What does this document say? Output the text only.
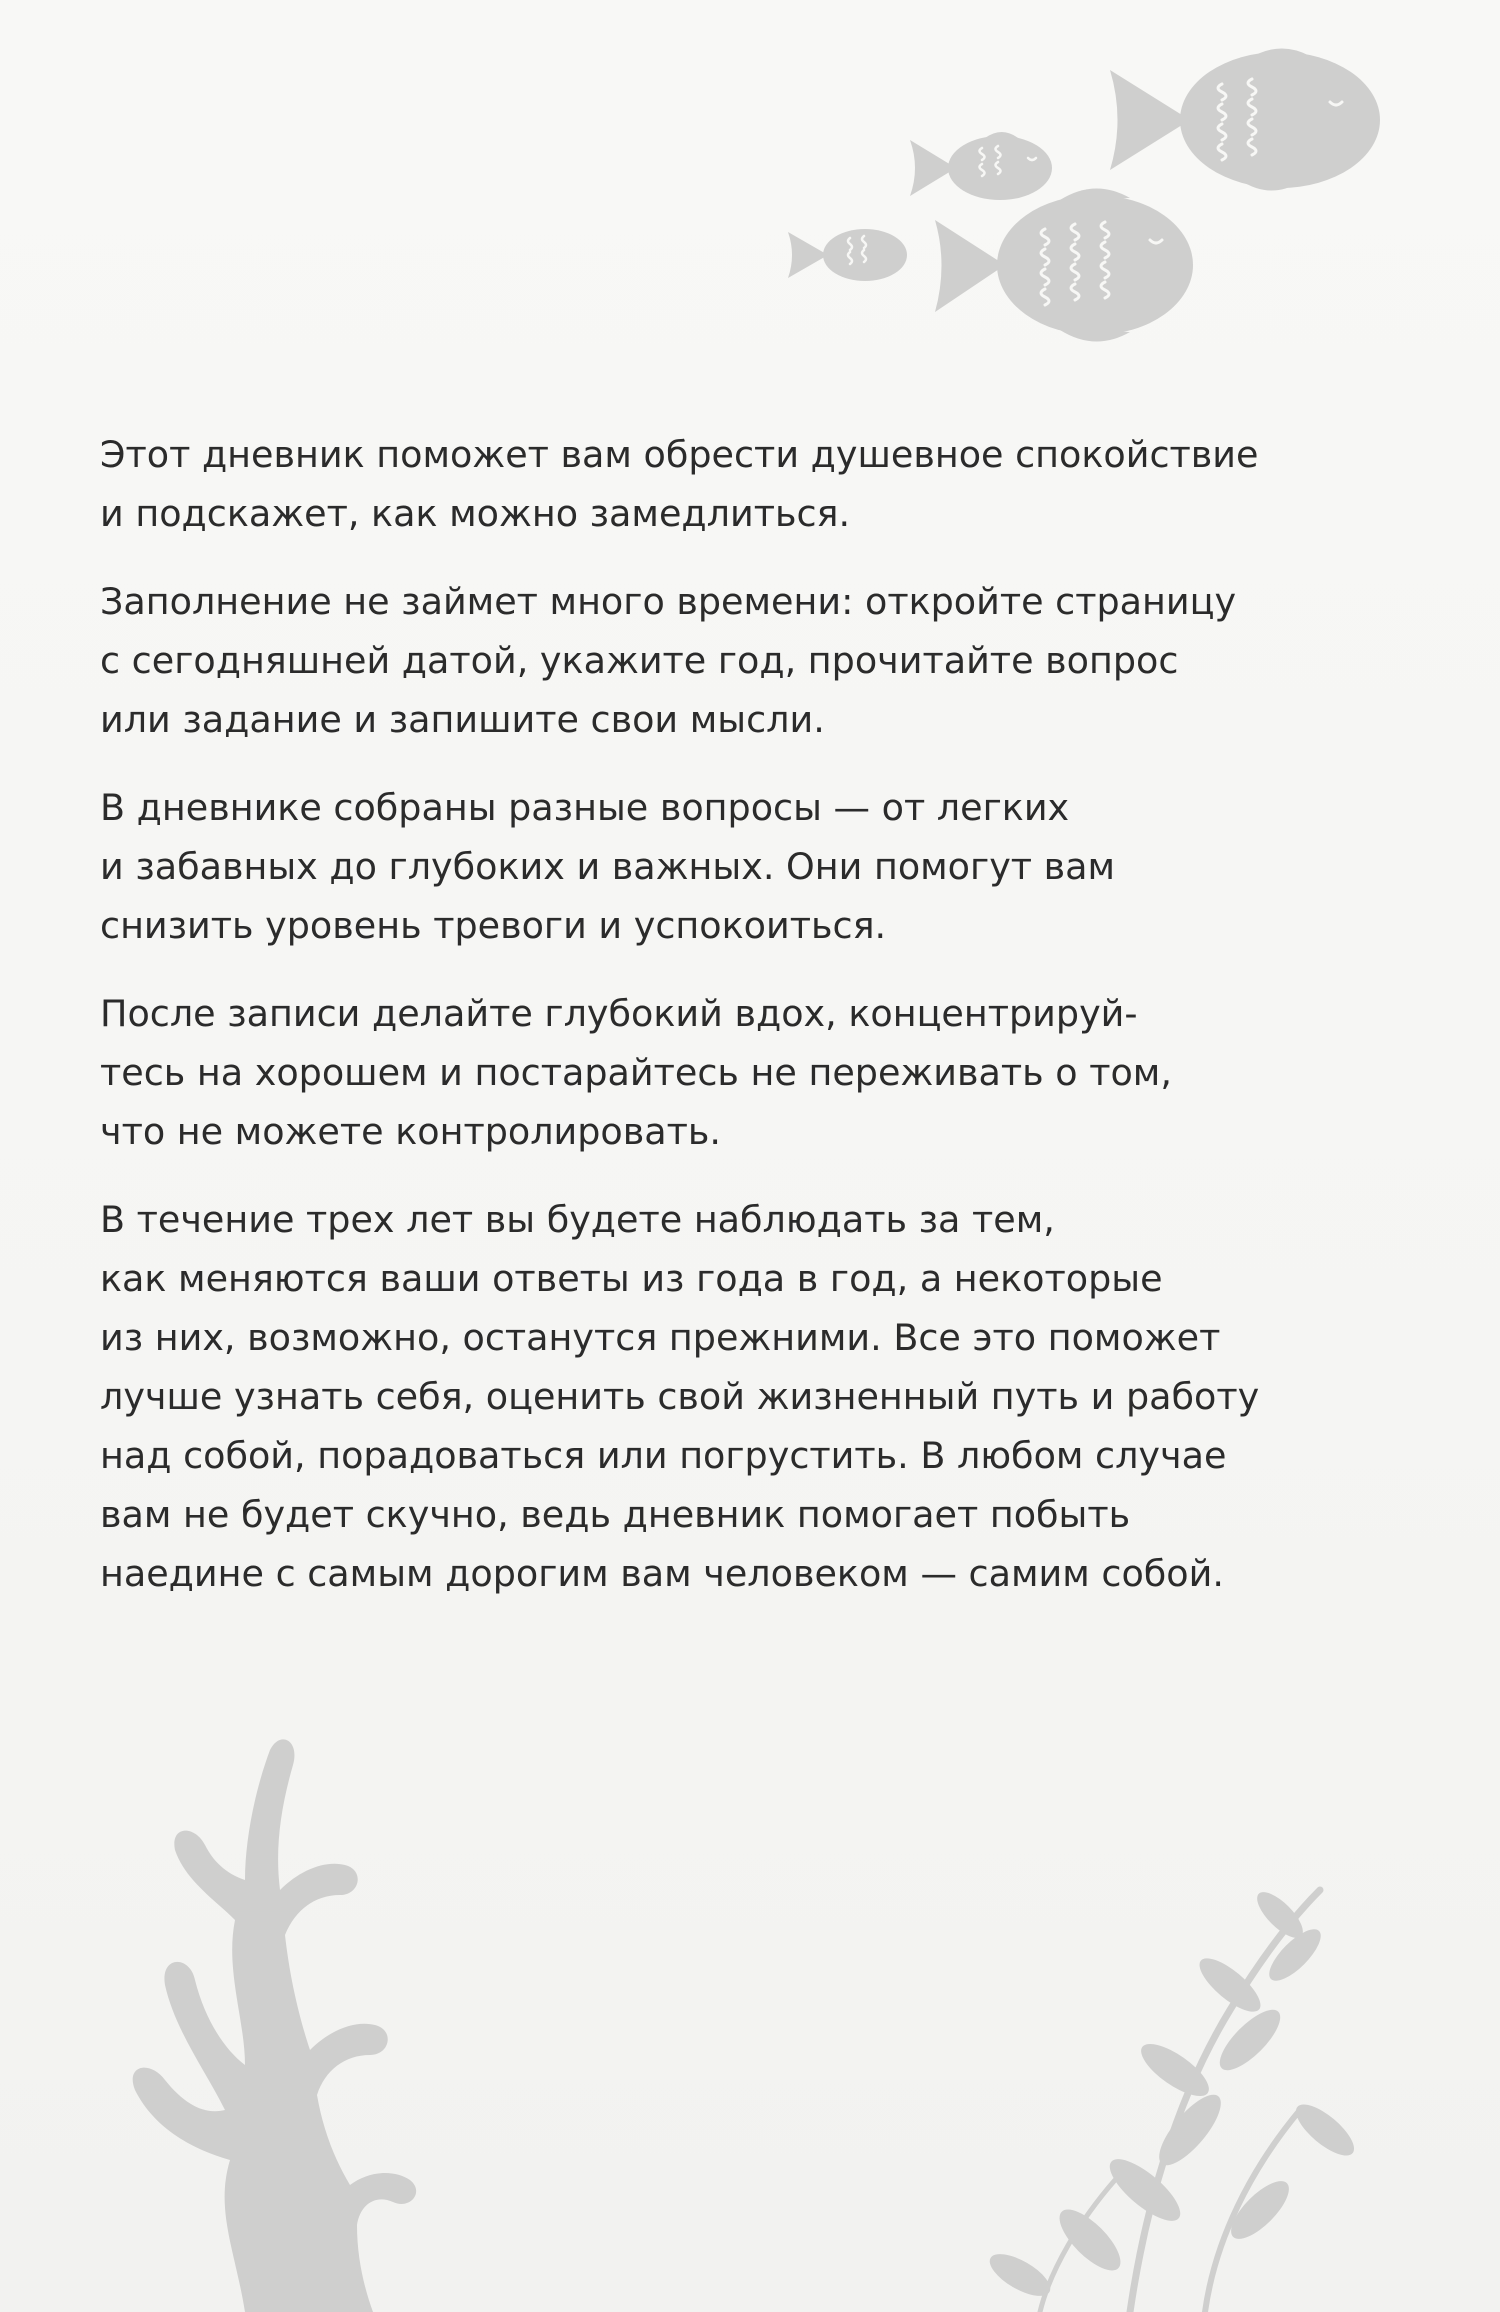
Этот дневник поможет вам обрести душевное спокойствие
и подскажет, как можно замедлиться.

Заполнение не займет много времени: откройте страницу
с сегодняшней датой, укажите год, прочитайте вопрос
или задание и запишите свои мысли.

В дневнике собраны разные вопросы — от легких
и забавных до глубоких и важных. Они помогут вам
снизить уровень тревоги и успокоиться.

После записи делайте глубокий вдох, концентрируй-
тесь на хорошем и постарайтесь не переживать о том,
что не можете контролировать.

В течение трех лет вы будете наблюдать за тем,
как меняются ваши ответы из года в год, а некоторые
из них, возможно, останутся прежними. Все это поможет
лучше узнать себя, оценить свой жизненный путь и работу
над собой, порадоваться или погрустить. В любом случае
вам не будет скучно, ведь дневник помогает побыть
наедине с самым дорогим вам человеком — самим собой.
